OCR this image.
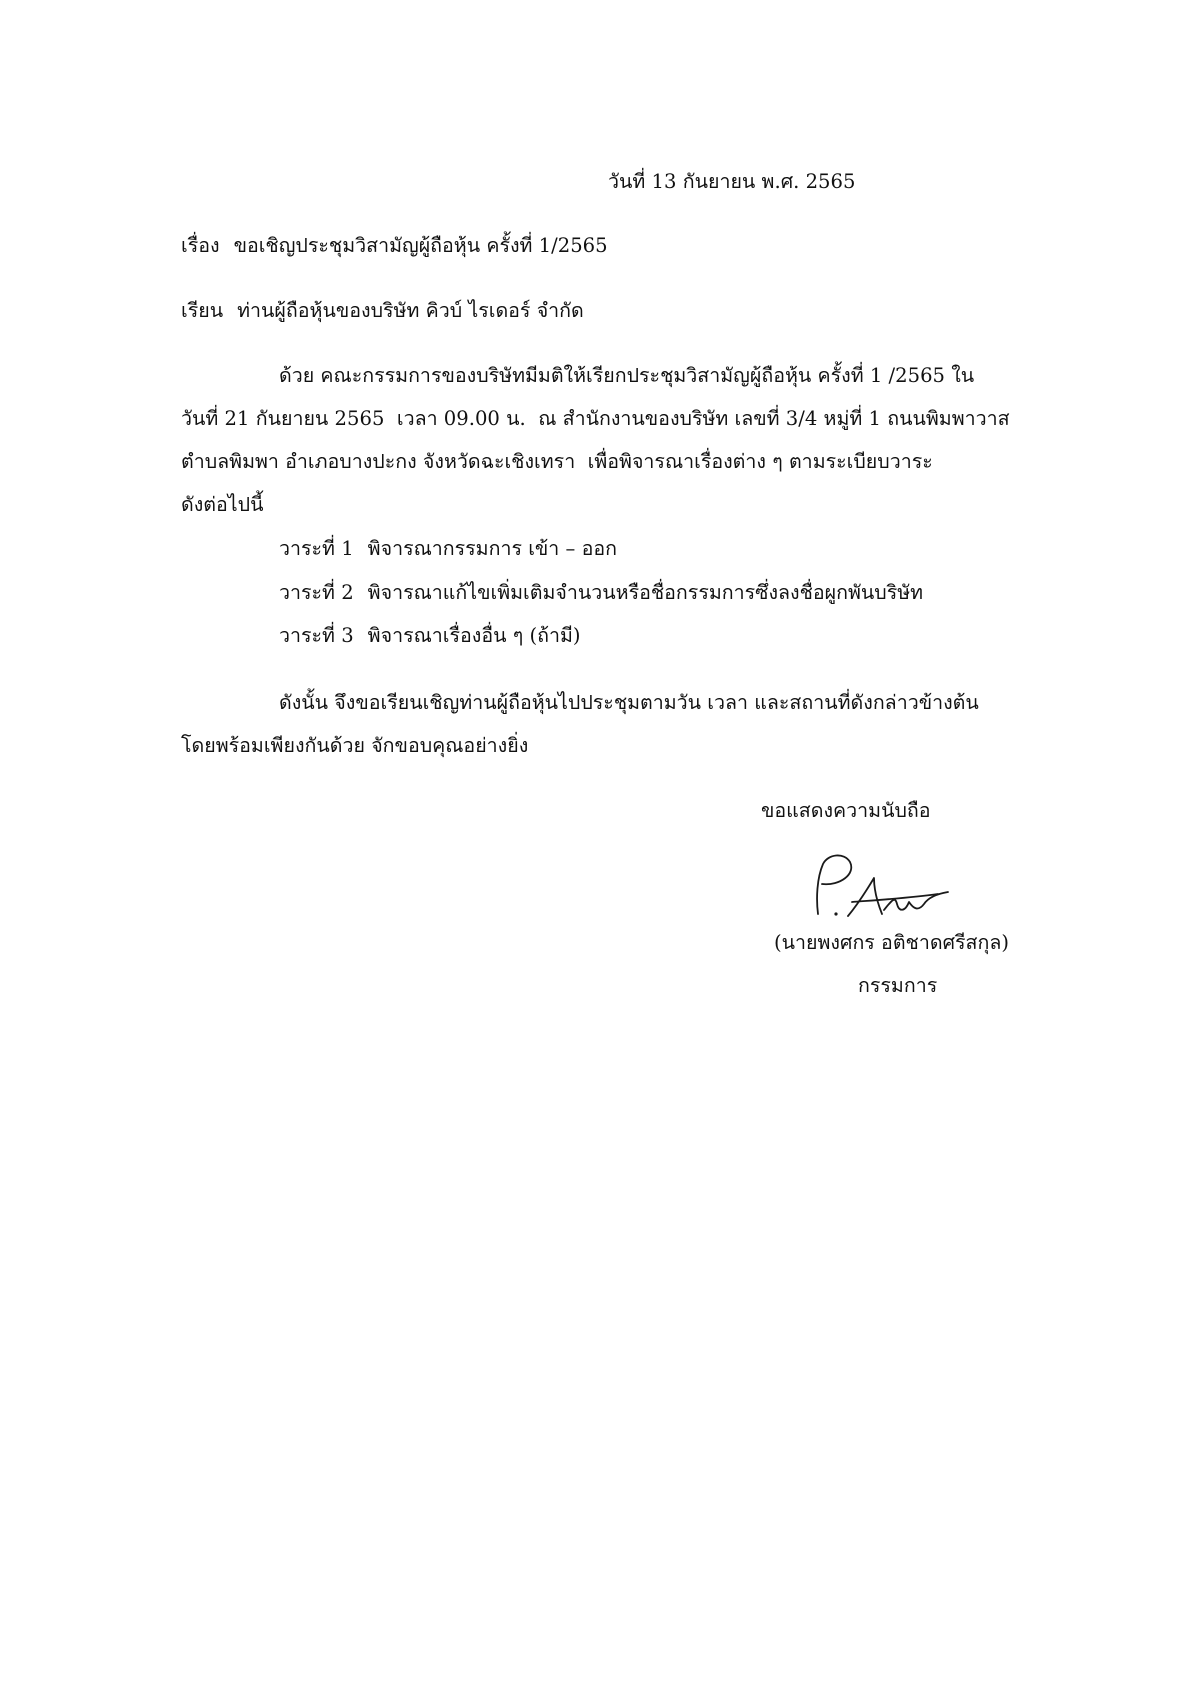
วันที่ 13 กันยายน พ.ศ. 2565
เรื่อง ขอเชิญประชุมวิสามัญผู้ถือหุ้น ครั้งที่ 1/2565
เรียน ท่านผู้ถือหุ้นของบริษัท คิวบ์ ไรเดอร์ จำกัด
ด้วย คณะกรรมการของบริษัทมีมติให้เรียกประชุมวิสามัญผู้ถือหุ้น ครั้งที่ 1 /2565 ใน
วันที่ 21 กันยายน 2565  เวลา 09.00 น.  ณ สำนักงานของบริษัท เลขที่ 3/4 หมู่ที่ 1 ถนนพิมพาวาส
ตำบลพิมพา อำเภอบางปะกง จังหวัดฉะเชิงเทรา  เพื่อพิจารณาเรื่องต่าง ๆ ตามระเบียบวาระ
ดังต่อไปนี้
วาระที่ 1 พิจารณากรรมการ เข้า – ออก
วาระที่ 2 พิจารณาแก้ไขเพิ่มเติมจำนวนหรือชื่อกรรมการซึ่งลงชื่อผูกพันบริษัท
วาระที่ 3 พิจารณาเรื่องอื่น ๆ (ถ้ามี)
ดังนั้น จึงขอเรียนเชิญท่านผู้ถือหุ้นไปประชุมตามวัน เวลา และสถานที่ดังกล่าวข้างต้น
โดยพร้อมเพียงกันด้วย จักขอบคุณอย่างยิ่ง
ขอแสดงความนับถือ
(นายพงศกร อติชาดศรีสกุล)
กรรมการ
